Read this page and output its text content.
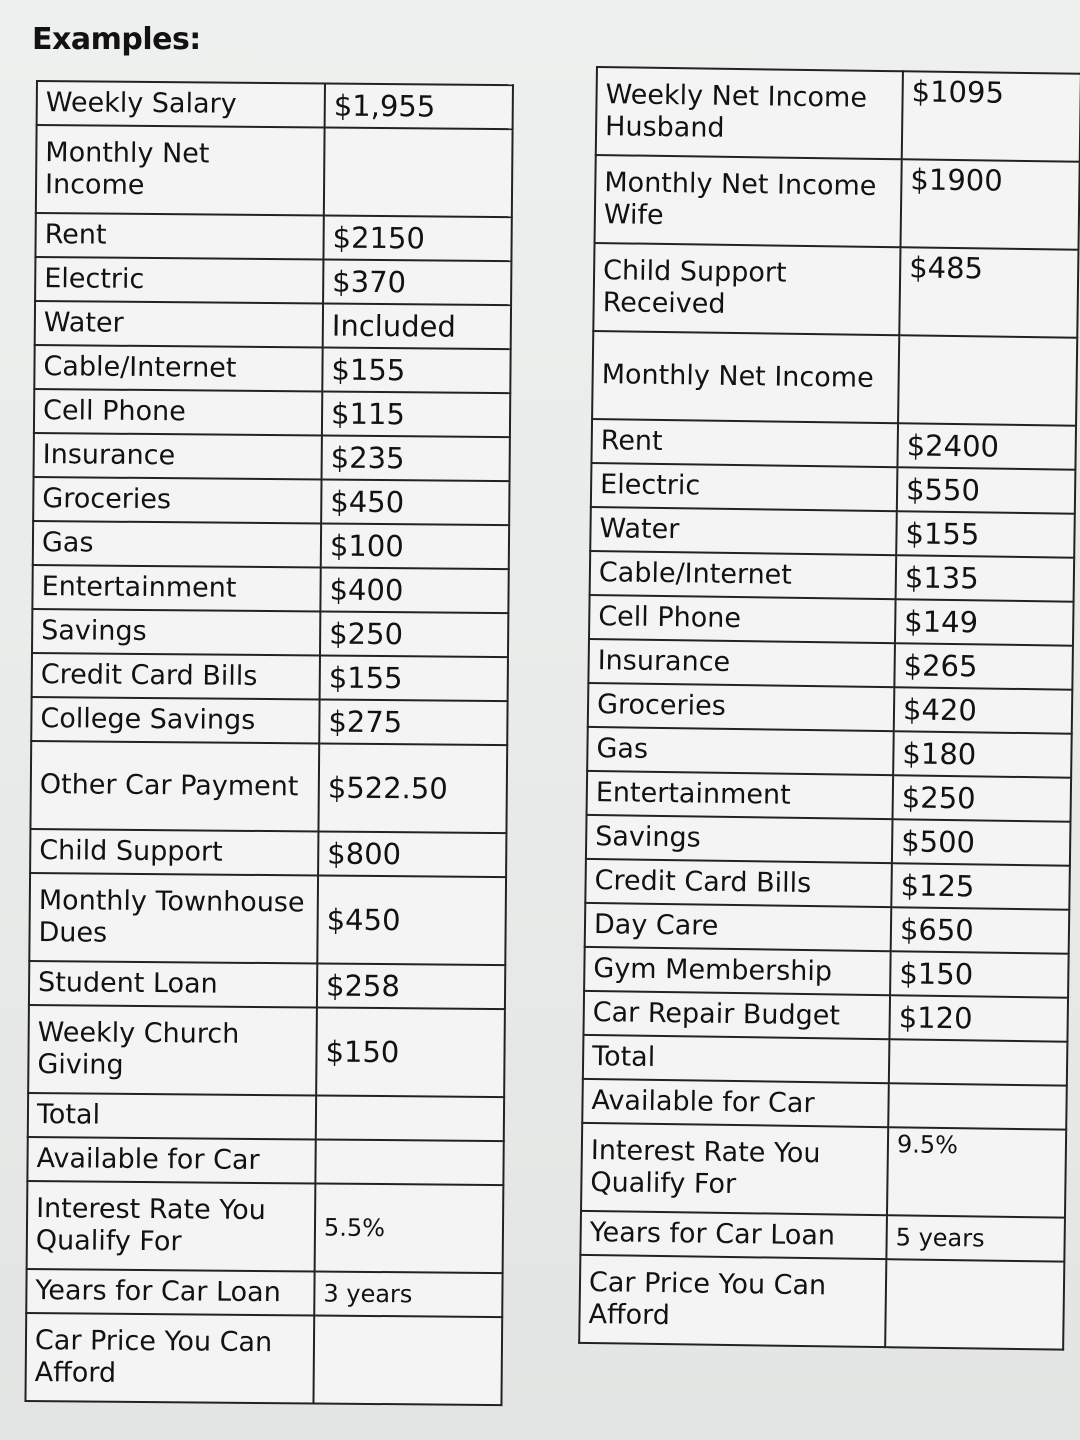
Examples:
Weekly Salary	$1,955
Monthly Net Income	
Rent	$2150
Electric	$370
Water	Included
Cable/Internet	$155
Cell Phone	$115
Insurance	$235
Groceries	$450
Gas	$100
Entertainment	$400
Savings	$250
Credit Card Bills	$155
College Savings	$275
Other Car Payment	$522.50
Child Support	$800
Monthly Townhouse Dues	$450
Student Loan	$258
Weekly Church Giving	$150
Total	
Available for Car	
Interest Rate You Qualify For	5.5%
Years for Car Loan	3 years
Car Price You Can Afford	
Weekly Net Income Husband	$1095
Monthly Net Income Wife	$1900
Child Support Received	$485
Monthly Net Income	
Rent	$2400
Electric	$550
Water	$155
Cable/Internet	$135
Cell Phone	$149
Insurance	$265
Groceries	$420
Gas	$180
Entertainment	$250
Savings	$500
Credit Card Bills	$125
Day Care	$650
Gym Membership	$150
Car Repair Budget	$120
Total	
Available for Car	
Interest Rate You Qualify For	9.5%
Years for Car Loan	5 years
Car Price You Can Afford	
